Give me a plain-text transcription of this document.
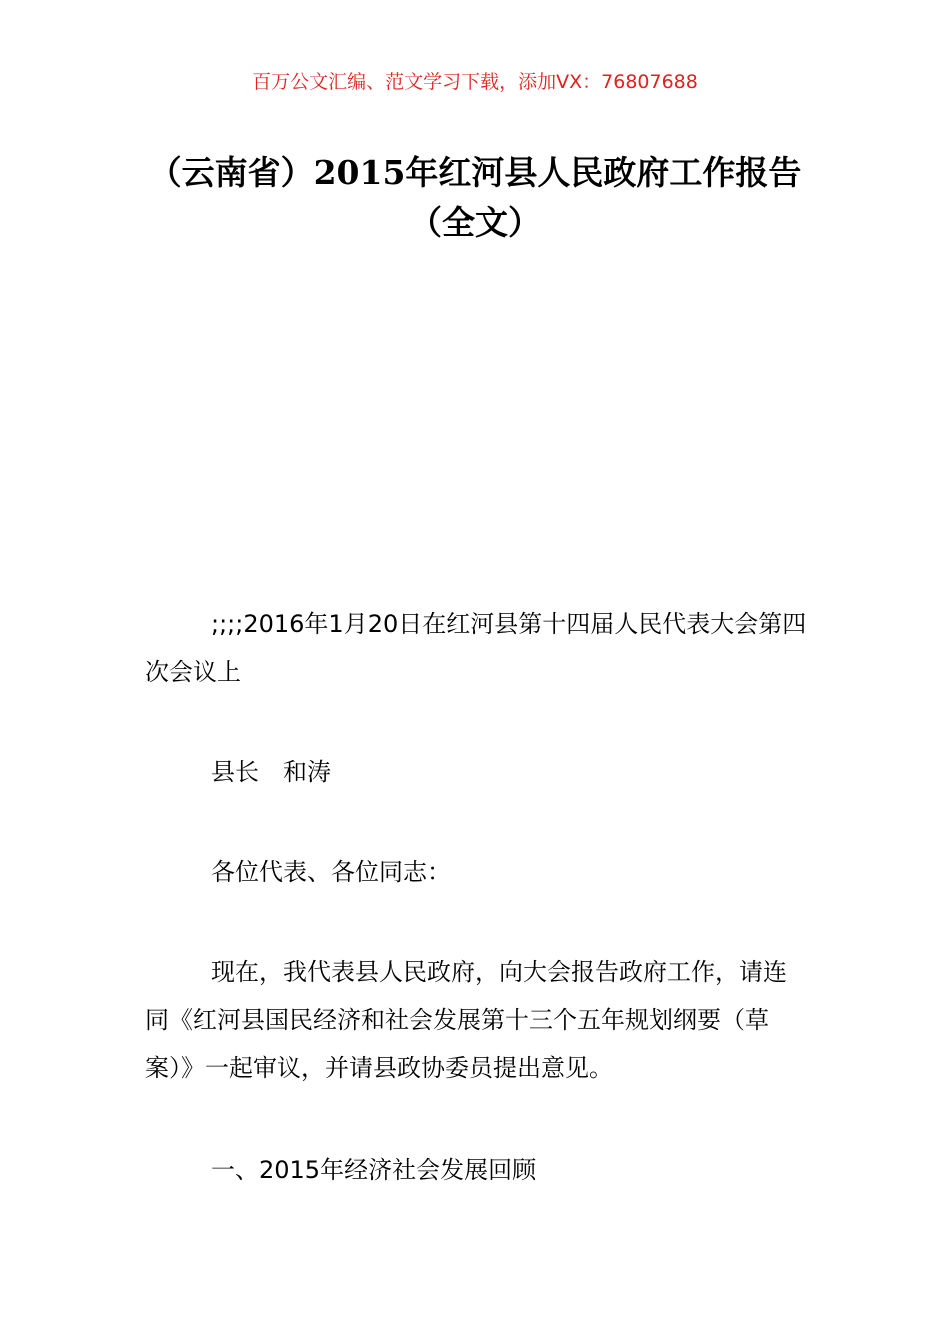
百万公文汇编、范文学习下载，添加VX：76807688
（云南省）2015年红河县人民政府工作报告（全文）

;;;;2016年1月20日在红河县第十四届人民代表大会第四次会议上

县长　和涛

各位代表、各位同志：

现在，我代表县人民政府，向大会报告政府工作，请连同《红河县国民经济和社会发展第十三个五年规划纲要（草案）》一起审议，并请县政协委员提出意见。

一、2015年经济社会发展回顾
